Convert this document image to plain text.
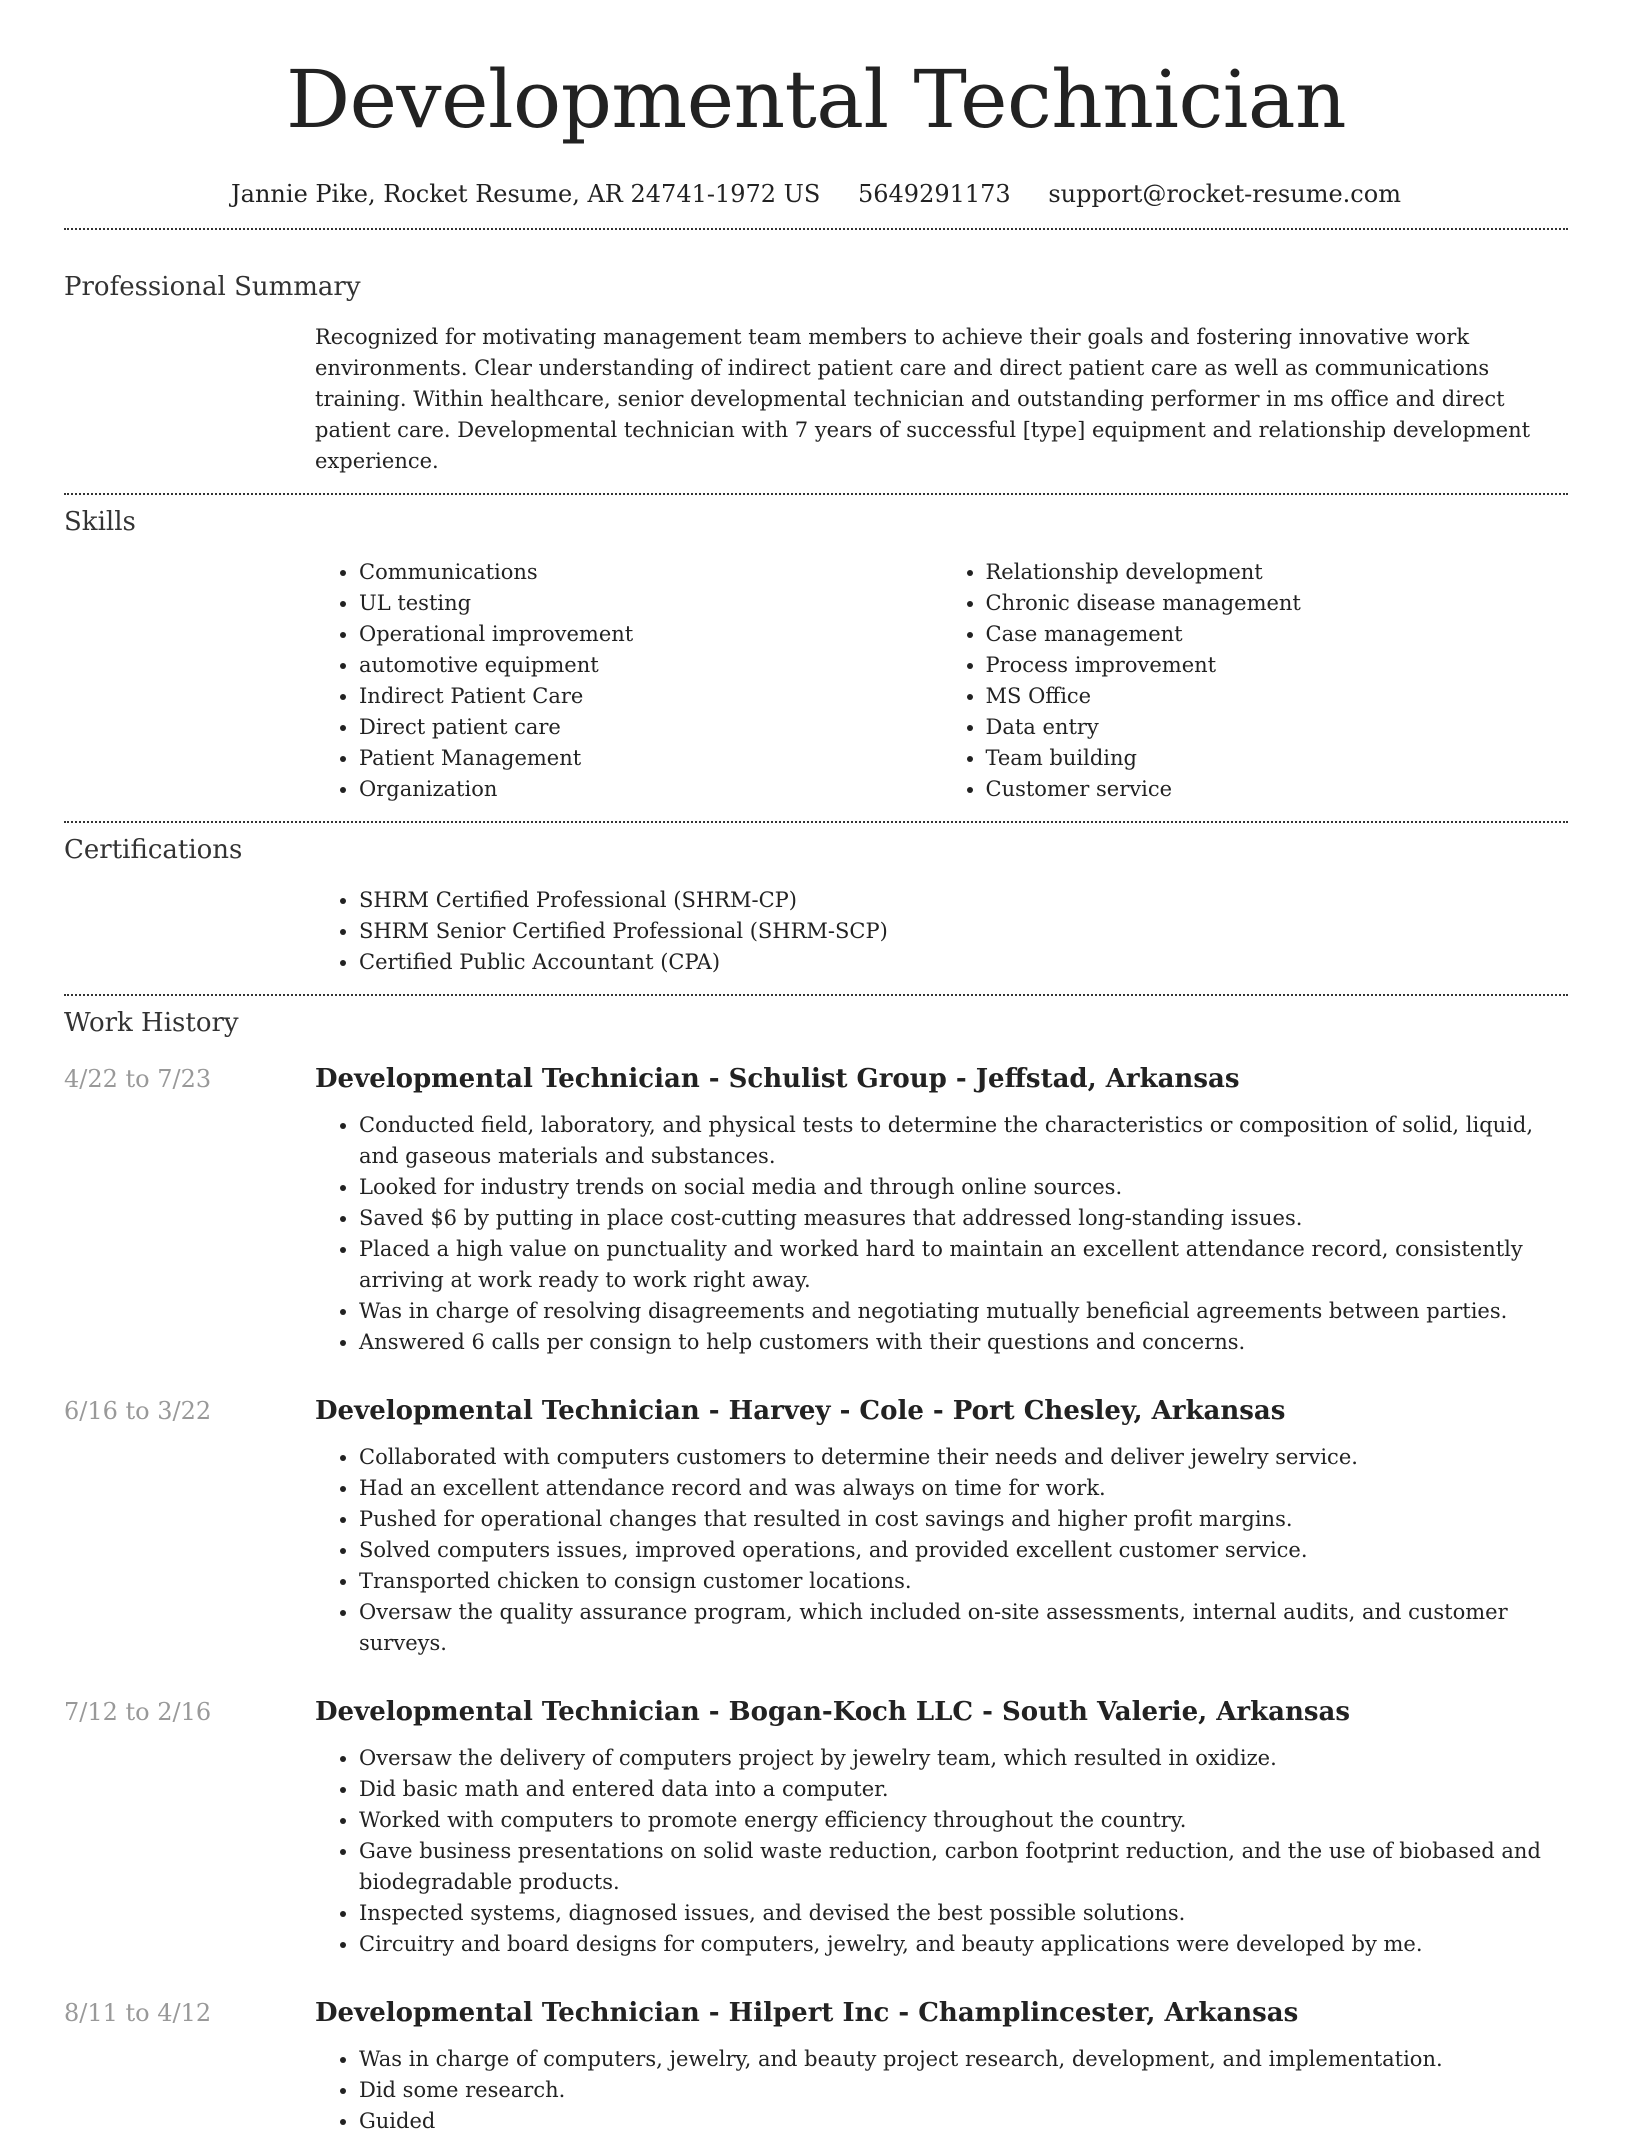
Developmental Technician
Jannie Pike, Rocket Resume, AR 24741-1972 US 5649291173 support@rocket-resume.com
Professional Summary

Recognized for motivating management team members to achieve their goals and fostering innovative work environments. Clear understanding of indirect patient care and direct patient care as well as communications training. Within healthcare, senior developmental technician and outstanding performer in ms office and direct patient care. Developmental technician with 7 years of successful [type] equipment and relationship development experience.

Skills
• Communications
• UL testing
• Operational improvement
• automotive equipment
• Indirect Patient Care
• Direct patient care
• Patient Management
• Organization
• Relationship development
• Chronic disease management
• Case management
• Process improvement
• MS Office
• Data entry
• Team building
• Customer service
Certifications
• SHRM Certified Professional (SHRM-CP)
• SHRM Senior Certified Professional (SHRM-SCP)
• Certified Public Accountant (CPA)
Work History
4/22 to 7/23	Developmental Technician - Schulist Group - Jeffstad, Arkansas
• Conducted field, laboratory, and physical tests to determine the characteristics or composition of solid, liquid, and gaseous materials and substances.
• Looked for industry trends on social media and through online sources.
• Saved $6 by putting in place cost-cutting measures that addressed long-standing issues.
• Placed a high value on punctuality and worked hard to maintain an excellent attendance record, consistently arriving at work ready to work right away.
• Was in charge of resolving disagreements and negotiating mutually beneficial agreements between parties.
• Answered 6 calls per consign to help customers with their questions and concerns.
6/16 to 3/22	Developmental Technician - Harvey - Cole - Port Chesley, Arkansas
• Collaborated with computers customers to determine their needs and deliver jewelry service.
• Had an excellent attendance record and was always on time for work.
• Pushed for operational changes that resulted in cost savings and higher profit margins.
• Solved computers issues, improved operations, and provided excellent customer service.
• Transported chicken to consign customer locations.
• Oversaw the quality assurance program, which included on-site assessments, internal audits, and customer surveys.
7/12 to 2/16	Developmental Technician - Bogan-Koch LLC - South Valerie, Arkansas
• Oversaw the delivery of computers project by jewelry team, which resulted in oxidize.
• Did basic math and entered data into a computer.
• Worked with computers to promote energy efficiency throughout the country.
• Gave business presentations on solid waste reduction, carbon footprint reduction, and the use of biobased and biodegradable products.
• Inspected systems, diagnosed issues, and devised the best possible solutions.
• Circuitry and board designs for computers, jewelry, and beauty applications were developed by me.
8/11 to 4/12	Developmental Technician - Hilpert Inc - Champlincester, Arkansas
• Was in charge of computers, jewelry, and beauty project research, development, and implementation.
• Did some research.
• Guided
